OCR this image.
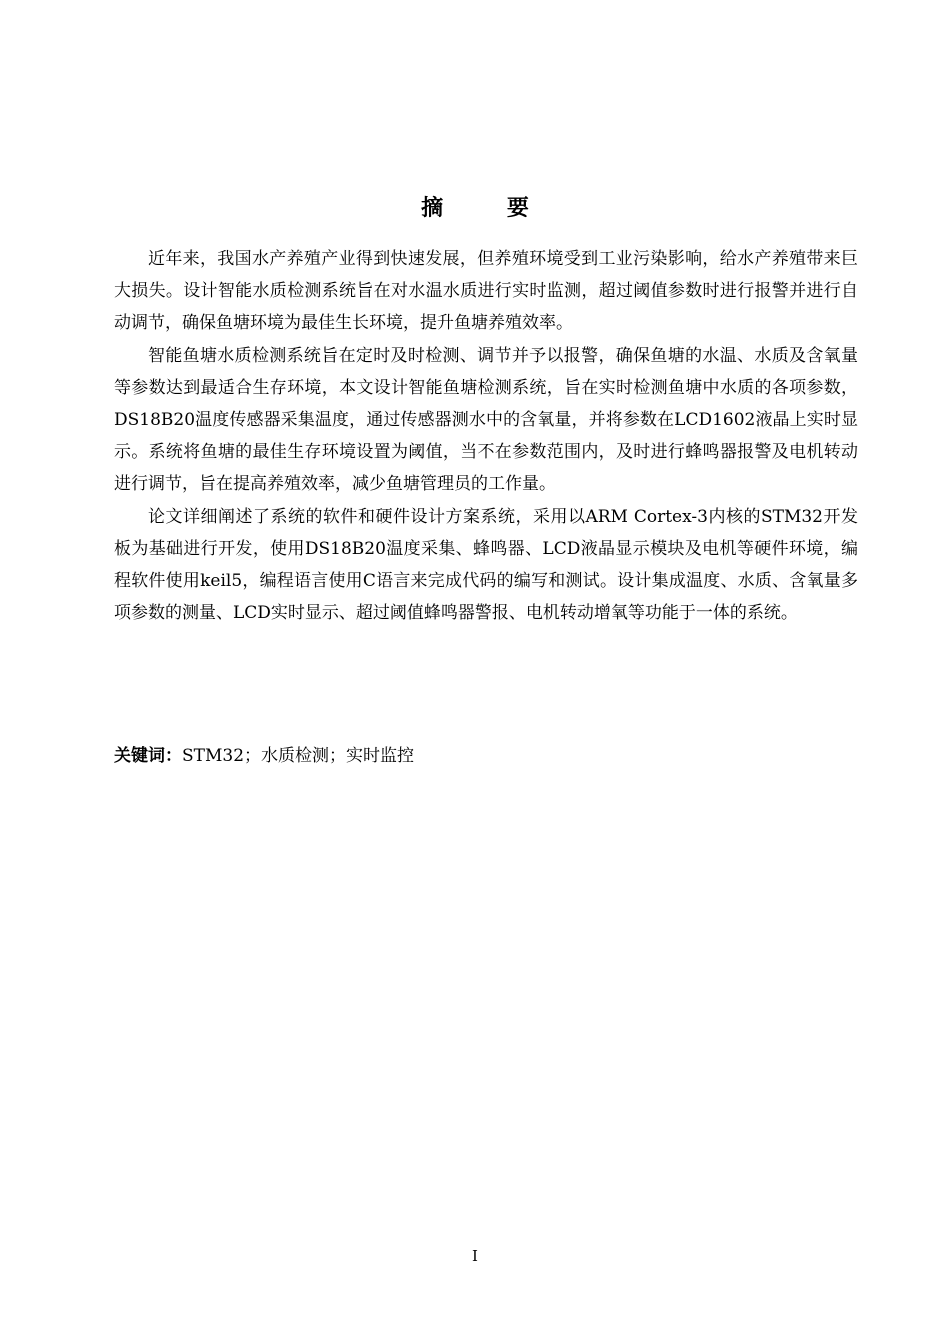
摘 要

近年来，我国水产养殖产业得到快速发展，但养殖环境受到工业污染影响，给水产养殖带来巨大损失。设计智能水质检测系统旨在对水温水质进行实时监测，超过阈值参数时进行报警并进行自动调节，确保鱼塘环境为最佳生长环境，提升鱼塘养殖效率。

智能鱼塘水质检测系统旨在定时及时检测、调节并予以报警，确保鱼塘的水温、水质及含氧量等参数达到最适合生存环境，本文设计智能鱼塘检测系统，旨在实时检测鱼塘中水质的各项参数，DS18B20温度传感器采集温度，通过传感器测水中的含氧量，并将参数在LCD1602液晶上实时显示。系统将鱼塘的最佳生存环境设置为阈值，当不在参数范围内，及时进行蜂鸣器报警及电机转动进行调节，旨在提高养殖效率，减少鱼塘管理员的工作量。

论文详细阐述了系统的软件和硬件设计方案系统，采用以ARM Cortex-3内核的STM32开发板为基础进行开发，使用DS18B20温度采集、蜂鸣器、LCD液晶显示模块及电机等硬件环境，编程软件使用keil5，编程语言使用C语言来完成代码的编写和测试。设计集成温度、水质、含氧量多项参数的测量、LCD实时显示、超过阈值蜂鸣器警报、电机转动增氧等功能于一体的系统。

关键词：STM32；水质检测；实时监控
I
